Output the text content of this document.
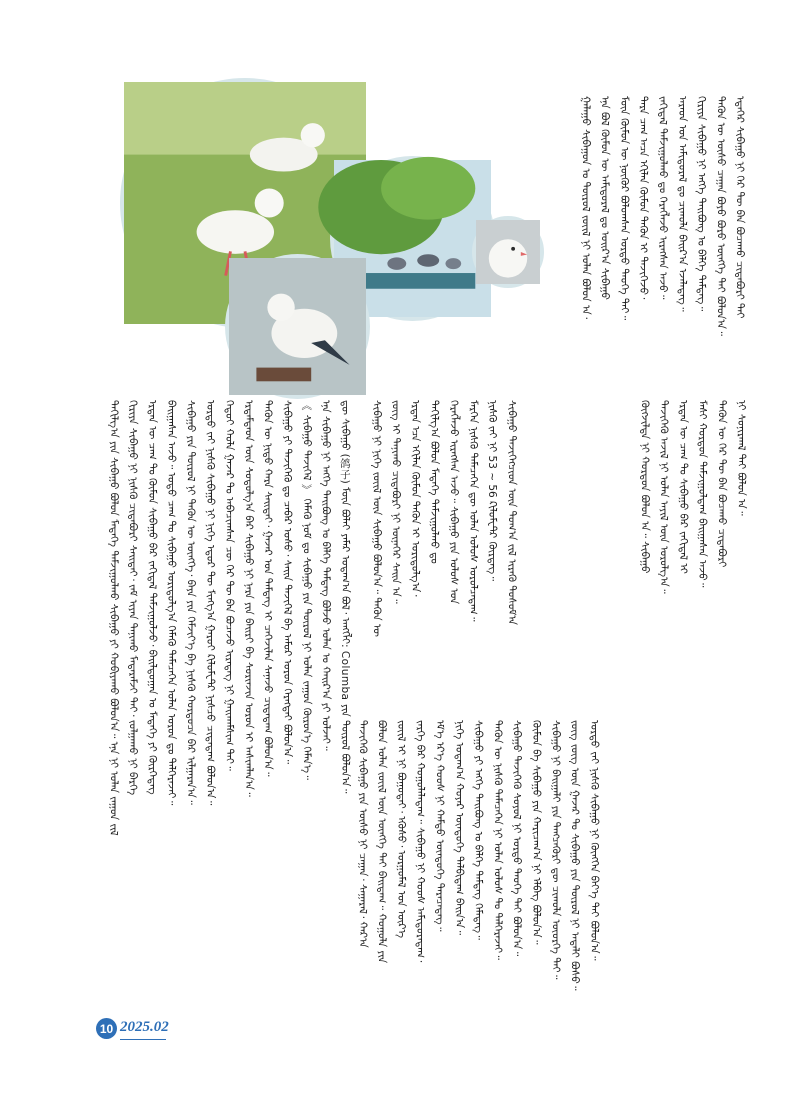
ᠭᠠᠯᠠᠭᠤ ᠰᠢᠪᠠᠭᠤᠨ ᠤ ᠲᠥᠷᠥᠯ ᠵᠦᠢᠯ ᠨᠢ ᠣᠯᠠᠨ ᠪᠣᠯᠣᠨ ᠠ᠂ ᠡᠨᠡ ᠪᠣᠯ ᠬᠦᠮᠦᠨ ᠦ ᠠᠮᠢᠳᠤᠷᠠᠯ ᠳᠤ ᠣᠢᠷ᠎ᠠ ᠰᠢᠪᠠᠭᠤ ᠮᠥᠨ ᠬᠦᠮᠦᠨ ᠦ ᠨᠥᠬᠥᠷ ᠪᠣᠯᠣᠭᠰᠠᠨ ᠤᠷᠲᠤ ᠲᠡᠦᠬᠡ ᠲᠡᠢ᠃ ᠲᠡᠷᠡ ᠴᠠᠭ ᠠᠴᠠ ᠡᠬᠢᠯᠡᠨ ᠬᠦᠮᠦᠨ ᠲᠡᠭᠦᠨ ᠢ ᠲᠡᠵᠢᠭᠡᠵᠦ᠂ ᠵᠠᠬᠢᠳᠠᠯ ᠳᠠᠮᠵᠢᠭᠤᠯᠬᠤ ᠳᠤ ᠬᠡᠷᠡᠭᠯᠡᠵᠦ ᠢᠷᠡᠭᠰᠡᠨ ᠠᠵᠤ᠃ ᠠᠷᠠᠳ ᠤᠨ ᠠᠮᠢᠳᠤᠷᠠᠯ ᠳᠤ ᠴᠢᠬᠤᠯᠠ ᠪᠠᠢᠷ᠎ᠠ ᠡᠵᠡᠯᠡᠳᠡᠭ᠃ ᠬᠢᠷᠢᠶᠡ ᠰᠢᠪᠠᠭᠤ ᠨᠢ ᠡᠩᠬᠡ ᠲᠠᠢᠪᠤᠩ ᠤ ᠪᠡᠯᠭᠡ ᠲᠡᠮᠳᠡᠭ᠃ ᠲᠡᠭᠦᠨ ᠦ ᠦᠰᠦ ᠴᠠᠭᠠᠨ ᠪᠤᠶᠤ ᠪᠣᠷᠣ ᠥᠩᠭᠡ ᠲᠡᠢ ᠪᠣᠯᠣᠨ᠎ᠠ᠃ ᠡᠳᠡᠭᠡᠷ ᠰᠢᠪᠠᠭᠤ ᠨᠢ ᠭᠡᠷ ᠲᠦ ᠪᠡᠨ ᠪᠤᠴᠠᠬᠤ ᠴᠢᠳᠠᠪᠤᠷᠢ ᠲᠠᠢ
ᠲᠠᠭᠢᠯᠭ᠎ᠠ ᠶᠢᠨ ᠰᠢᠪᠠᠭᠤ ᠪᠣᠯᠤᠨ ᠮᠡᠳᠡᠭᠡ ᠳᠠᠮᠵᠢᠭᠤᠯᠬᠤ ᠰᠢᠪᠠᠭᠤ ᠶᠢ ᠬᠤᠪᠢᠶᠠᠬᠤ ᠪᠤᠯᠤᠨ᠎ᠠ᠃ ᠡᠨᠡ ᠨᠢ ᠣᠯᠠᠨ ᠵᠠᠭᠤᠨ ᠵᠢᠯ ᠬᠢᠷᠢᠶᠡ ᠰᠢᠪᠠᠭᠤ ᠨᠢ ᠨᠢᠰᠬᠦ ᠴᠢᠳᠠᠪᠤᠷᠢ ᠰᠠᠢᠲᠠᠢ᠂ ᠵᠠᠮ ᠢᠶᠠᠨ ᠲᠠᠨᠢᠬᠤ ᠮᠡᠳᠡᠷᠡᠮᠵᠢ ᠲᠠᠢ᠂ ᠵᠣᠯᠭᠠᠬᠤ ᠨᠢ ᠪᠡᠷᠬᠡ ᠡᠷᠲᠡᠨ ᠦ ᠴᠠᠭ ᠲᠤ ᠬᠦᠮᠦᠨ ᠰᠢᠪᠠᠭᠤ ᠪᠠᠷ ᠵᠠᠬᠢᠳᠠᠯ ᠳᠠᠮᠵᠢᠭᠤᠯᠵᠤ᠂ ᠪᠠᠢᠯᠳᠤᠭᠠᠨ ᠤ ᠮᠡᠳᠡᠭᠡ ᠶᠢ ᠬᠦᠷᠭᠡᠳᠡᠭ ᠪᠠᠢᠭᠠᠰᠠᠨ ᠠᠵᠤ᠃ ᠣᠳᠣ ᠴᠠᠭ ᠲᠤ ᠰᠢᠪᠠᠭᠤ ᠤᠷᠢᠳᠤᠯᠭ᠎ᠠ ᠬᠡᠮᠡᠬᠦ ᠲᠡᠮᠡᠴᠡᠭᠡᠨ ᠣᠯᠠᠨ ᠣᠷᠣᠨ ᠳᠤ ᠳᠡᠯᠭᠡᠷᠡᠵᠡᠢ᠃ ᠰᠢᠪᠠᠭᠤ ᠶᠢᠨ ᠲᠥᠷᠥᠯ ᠨᠢ ᠲᠡᠭᠦᠨ ᠦ ᠥᠩᠭᠡ᠂ ᠪᠡᠶᠡ ᠶᠢᠨ ᠬᠡᠮᠵᠢᠶ᠎ᠡ ᠪᠠ ᠨᠢᠰᠬᠦ ᠬᠤᠷᠳᠤᠴᠠ ᠪᠠᠷ ᠢᠯᠭᠠᠷᠠᠨ᠎ᠠ᠃ ᠤᠷᠲᠤ ᠵᠠᠢ ᠨᠢᠰᠬᠦ ᠰᠢᠪᠠᠭᠤ ᠨᠢ ᠨᠢᠭᠡ ᠡᠳᠦᠷ ᠲᠦ ᠮᠢᠩᠭ᠎ᠠ ᠭᠠᠷᠤᠢ ᠺᠢᠯᠣᠮᠧᠲᠷ ᠨᠢᠰᠴᠤ ᠴᠢᠳᠠᠳᠠᠭ ᠪᠣᠯᠤᠨ᠎ᠠ᠃ ᠬᠡᠳᠦᠢ ᠬᠣᠯᠠ ᠭᠠᠵᠠᠷ ᠲᠤ ᠠᠪᠠᠴᠢᠭᠰᠠᠨ ᠴᠦ ᠭᠡᠷ ᠲᠦ ᠪᠡᠨ ᠪᠤᠴᠠᠵᠤ ᠢᠷᠡᠳᠡᠭ ᠨᠢ ᠭᠠᠢᠬᠠᠮᠰᠢᠭ ᠲᠠᠢ᠃ ᠡᠷᠳᠡᠮᠲᠡᠳ ᠦᠨ ᠰᠤᠳᠤᠯᠭ᠎ᠠ ᠪᠠᠷ ᠰᠢᠪᠠᠭᠤ ᠨᠢ ᠨᠠᠷᠠ ᠶᠢᠨ ᠪᠠᠢᠷᠢ ᠪᠠ ᠰᠣᠷᠢᠨᠵᠢᠨ ᠣᠷᠣᠨ ᠢ ᠠᠰᠢᠭᠯᠠᠨ᠎ᠠ᠃ ᠲᠡᠭᠦᠨ ᠦ ᠨᠢᠳᠦ ᠬᠠᠷᠠ ᠰᠠᠢᠲᠠᠢ᠂ ᠭᠠᠵᠠᠷ ᠤᠨ ᠲᠡᠮᠳᠡᠭ ᠢ ᠴᠡᠭᠡᠵᠢᠯᠡᠨ ᠰᠠᠨᠠᠵᠤ ᠴᠢᠳᠠᠳᠠᠭ ᠪᠣᠯᠤᠨ᠎ᠠ᠃ ᠰᠢᠪᠠᠭᠤ ᠶᠢ ᠲᠡᠵᠢᠭᠡᠬᠦ ᠳᠤ ᠴᠡᠪᠡᠷ ᠤᠰᠤ᠂ ᠰᠠᠢᠨ ᠲᠡᠵᠢᠭᠡᠯ ᠪᠠ ᠠᠮᠤᠷ ᠣᠷᠣᠨ ᠬᠡᠷᠡᠭᠲᠡᠢ ᠪᠣᠯᠤᠨ᠎ᠠ᠃ 《 ᠰᠢᠪᠠᠭᠤ ᠲᠡᠵᠢᠭᠡᠯ 》 ᠬᠡᠮᠡᠬᠦ ᠨᠣᠮ ᠳᠤ ᠰᠢᠪᠠᠭᠤ ᠶᠢᠨ ᠲᠥᠷᠥᠯ ᠨᠢ ᠣᠯᠠᠨ ᠵᠠᠭᠤᠨ ᠬᠦᠷᠦᠨ᠎ᠡ ᠬᠡᠮᠡᠨ᠎ᠡ᠃ ᠡᠨᠡ ᠰᠢᠪᠠᠭᠤ ᠨᠢ ᠡᠩᠬᠡ ᠲᠠᠢᠪᠤᠩ ᠤ ᠪᠡᠯᠭᠡ ᠲᠡᠮᠳᠡᠭ ᠪᠣᠯᠵᠤ ᠣᠯᠠᠨ ᠤ ᠬᠠᠢᠷ᠎ᠠ ᠶᠢ ᠣᠯᠵᠠᠢ᠃ ᠳ᠋ᠦ᠋ ᠰᠢᠪᠠᠭᠤ (鸽子) ᠮᠥᠨ ᠪᠣᠯᠠᠢ ᠶᠠᠮᠠᠷ ᠤᠲᠠᠬ᠎ᠠ ᠪᠣᠯ᠂ ᠠᠩᠭᠯᠢ: Columba ᠶᠢᠨ ᠲᠥᠷᠥᠯ ᠪᠣᠯᠤᠨ᠎ᠠ᠃	ᠰᠢᠪᠠᠭᠤ ᠨᠢ ᠨᠢᠭᠡ ᠵᠦᠢᠯ ᠦᠨ ᠰᠢᠪᠠᠭᠤ ᠪᠣᠯᠤᠨ᠎ᠠ᠃ ᠲᠡᠭᠦᠨ ᠦ ᠵᠦᠭ ᠢ ᠲᠠᠨᠢᠬᠤ ᠴᠢᠳᠠᠪᠤᠷᠢ ᠨᠢ ᠦᠨᠡᠬᠡᠷ ᠰᠠᠢᠨ ᠠ᠃ ᠡᠷᠲᠡᠨ ᠡᠴᠡ ᠡᠬᠢᠯᠡᠨ ᠬᠦᠮᠦᠨ ᠲᠡᠭᠦᠨ ᠢ ᠤᠷᠢᠳᠤᠯᠭ᠎ᠠ᠂ ᠲᠠᠭᠢᠯᠭ᠎ᠠ ᠪᠣᠯᠤᠨ ᠮᠡᠳᠡᠭᠡ ᠳᠠᠮᠵᠢᠭᠤᠯᠬᠤ ᠳᠤ ᠬᠡᠷᠡᠭᠯᠡᠵᠦ ᠢᠷᠡᠭᠰᠡᠨ ᠠᠵᠤ᠃ ᠰᠢᠪᠠᠭᠤ ᠶᠢᠨ ᠤᠯᠤᠰ ᠤᠨ ᠮᠡᠷᠭᠡᠨ ᠨᠢᠰᠬᠦ ᠲᠡᠮᠡᠴᠡᠭᠡᠨ ᠳᠦ ᠣᠯᠠᠨ ᠤᠯᠤᠰ ᠣᠷᠣᠯᠴᠠᠳᠠᠭ᠃ ᠨᠢᠰᠬᠦ ᠵᠠᠢ ᠨᠢ 53 ~ 56 ᠺᠢᠯᠣᠮᠧᠲᠷ ᠬᠦᠷᠳᠡᠭ᠃ ᠰᠢᠪᠠᠭᠤ ᠲᠡᠵᠢᠭᠡᠭᠴᠢᠳ ᠦᠨ ᠲᠣᠭ᠎ᠠ ᠵᠢᠯ ᠢᠷᠡᠬᠦ ᠲᠤᠰᠤᠮ᠎ᠠ	ᠬᠥᠭᠵᠢᠯᠲᠡ ᠨᠢ ᠬᠤᠷᠳᠤᠨ ᠪᠣᠯᠤᠨ ᠠ᠃ ᠰᠢᠪᠠᠭᠤ ᠲᠡᠵᠢᠭᠡᠬᠦ ᠠᠵᠢᠯ ᠨᠢ ᠣᠯᠠᠨ ᠠᠶᠢᠯ ᠦᠨ ᠣᠷᠣᠯᠭ᠎ᠠ᠃ ᠡᠷᠲᠡᠨ ᠦ ᠴᠠᠭ ᠲᠤ ᠰᠢᠪᠠᠭᠤ ᠪᠠᠷ ᠵᠠᠬᠢᠳᠠᠯ ᠢ ᠮᠠᠰᠢ ᠬᠤᠷᠳᠤᠨ ᠳᠠᠮᠵᠢᠭᠤᠯᠳᠠᠭ ᠪᠠᠢᠭᠠᠰᠠᠨ ᠠᠵᠤ᠃ ᠲᠡᠭᠦᠨ ᠦ ᠭᠡᠷ ᠲᠦ ᠪᠡᠨ ᠪᠤᠴᠠᠬᠤ ᠴᠢᠳᠠᠪᠤᠷᠢ ᠨᠢ ᠰᠣᠨᠢᠷᠬᠠᠯ ᠲᠠᠢ ᠪᠣᠯᠤᠨ ᠠ᠃
ᠲᠡᠵᠢᠭᠡᠬᠦ ᠰᠢᠪᠠᠭᠤ ᠶᠢᠨ ᠦᠰᠦ ᠨᠢ ᠴᠠᠭᠠᠨ᠂ ᠰᠠᠭᠠᠷᠠᠯ᠂ ᠬᠠᠷ᠎ᠠ ᠪᠣᠯᠣᠨ ᠣᠯᠠᠨ ᠵᠦᠢᠯ ᠦᠨ ᠥᠩᠭᠡ ᠲᠡᠢ ᠪᠠᠢᠳᠠᠭ᠃ ᠬᠣᠭᠣᠯᠠ ᠶᠢᠨ ᠵᠦᠢᠯ ᠢ ᠨᠢ ᠪᠤᠭᠤᠳᠠᠢ᠂ ᠡᠭᠦᠰᠦ᠂ ᠤᠷᠭᠤᠮᠠᠯ ᠤᠨ ᠦᠷ᠎ᠡ ᠵᠡᠷᠭᠡ ᠪᠡᠷ ᠬᠣᠭᠣᠯᠠᠯᠠᠳᠠᠭ᠃ ᠰᠢᠪᠠᠭᠤ ᠨᠢ ᠬᠣᠣᠰ ᠠᠮᠢᠳᠤᠷᠠᠳᠠᠭ᠂ ᠡᠮ᠎ᠡ ᠡᠷ᠎ᠡ ᠬᠣᠣᠰ ᠨᠢ ᠬᠠᠮᠲᠤ ᠥᠨᠳᠦᠭᠡ ᠳᠡᠷᠡᠴᠡᠳᠡᠭ᠃ ᠨᠢᠭᠡ ᠤᠳᠠᠭ᠎ᠠ ᠬᠣᠶᠠᠷ ᠥᠨᠳᠦᠭᠡ ᠲᠠᠯᠪᠢᠳᠠᠭ ᠪᠠᠢᠨ᠎ᠠ᠃ ᠰᠢᠪᠠᠭᠤ ᠶᠢ ᠡᠩᠬᠡ ᠲᠠᠢᠪᠤᠩ ᠤ ᠪᠡᠯᠭᠡ ᠲᠡᠮᠳᠡᠭ ᠬᠡᠮᠡᠳᠡᠭ᠃ ᠲᠡᠭᠦᠨ ᠦ ᠨᠢᠰᠬᠦ ᠲᠡᠮᠡᠴᠡᠭᠡᠨ ᠨᠢ ᠣᠯᠠᠨ ᠤᠯᠤᠰ ᠲᠤ ᠳᠡᠯᠭᠡᠷᠡᠵᠡᠢ᠃ ᠰᠢᠪᠠᠭᠤ ᠲᠡᠵᠢᠭᠡᠬᠦ ᠰᠣᠶᠣᠯ ᠨᠢ ᠤᠷᠲᠤ ᠲᠡᠦᠬᠡ ᠲᠡᠢ ᠪᠣᠯᠤᠨ᠎ᠠ᠃ ᠬᠦᠮᠦᠨ ᠪᠠ ᠰᠢᠪᠠᠭᠤ ᠶᠢᠨ ᠬᠠᠷᠢᠴᠠᠭ᠎ᠠ ᠨᠢ ᠡᠯᠪᠡᠭ ᠪᠣᠯᠤᠨ᠎ᠠ᠃ ᠰᠢᠪᠠᠭᠤ ᠨᠢ ᠪᠠᠢᠭᠠᠯᠢ ᠶᠢᠨ ᠲᠡᠩᠴᠡᠭᠦᠷᠢ ᠳᠦ ᠴᠢᠬᠤᠯᠠ ᠦᠦᠷᠭᠡ ᠲᠡᠢ᠃ ᠵᠦᠭ ᠵᠦᠭ ᠦᠨ ᠭᠠᠵᠠᠷ ᠲᠤ ᠰᠢᠪᠠᠭᠤ ᠶᠢᠨ ᠲᠥᠷᠥᠯ ᠨᠢ ᠠᠳᠠᠯᠢ ᠪᠤᠰᠤ᠃ ᠤᠷᠲᠤ ᠵᠠᠢ ᠨᠢᠰᠬᠦ ᠰᠢᠪᠠᠭᠤ ᠨᠢ ᠬᠥᠩᠭᠡᠨ ᠪᠡᠶ᠎ᠡ ᠲᠡᠢ ᠪᠣᠯᠤᠨ᠎ᠠ᠃
10 2025.02
